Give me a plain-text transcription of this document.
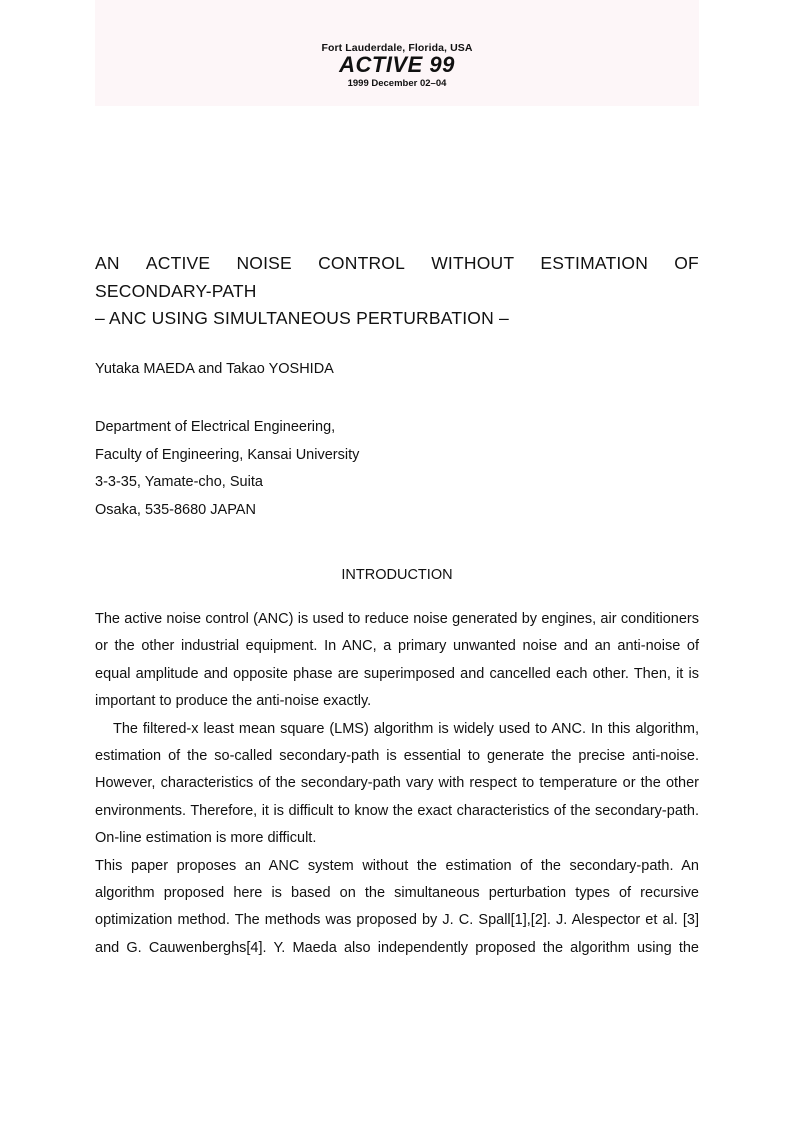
Fort Lauderdale, Florida, USA
ACTIVE 99
1999 December 02–04
AN ACTIVE NOISE CONTROL WITHOUT ESTIMATION OF
SECONDARY-PATH
– ANC USING SIMULTANEOUS PERTURBATION –
Yutaka MAEDA and Takao YOSHIDA
Department of Electrical Engineering,
Faculty of Engineering, Kansai University
3-3-35, Yamate-cho, Suita
Osaka, 535-8680 JAPAN
INTRODUCTION
The active noise control (ANC) is used to reduce noise generated by engines, air conditioners
or the other industrial equipment. In ANC, a primary unwanted noise and an anti-noise of
equal amplitude and opposite phase are superimposed and cancelled each other. Then, it is
important to produce the anti-noise exactly.
The filtered-x least mean square (LMS) algorithm is widely used to ANC. In this algorithm,
estimation of the so-called secondary-path is essential to generate the precise anti-noise.
However, characteristics of the secondary-path vary with respect to temperature or the other
environments. Therefore, it is difficult to know the exact characteristics of the secondary-path.
On-line estimation is more difficult.
This paper proposes an ANC system without the estimation of the secondary-path. An
algorithm proposed here is based on the simultaneous perturbation types of recursive
optimization method. The methods was proposed by J. C. Spall[1],[2]. J. Alespector et al. [3]
and G. Cauwenberghs[4]. Y. Maeda also independently proposed the algorithm using the
